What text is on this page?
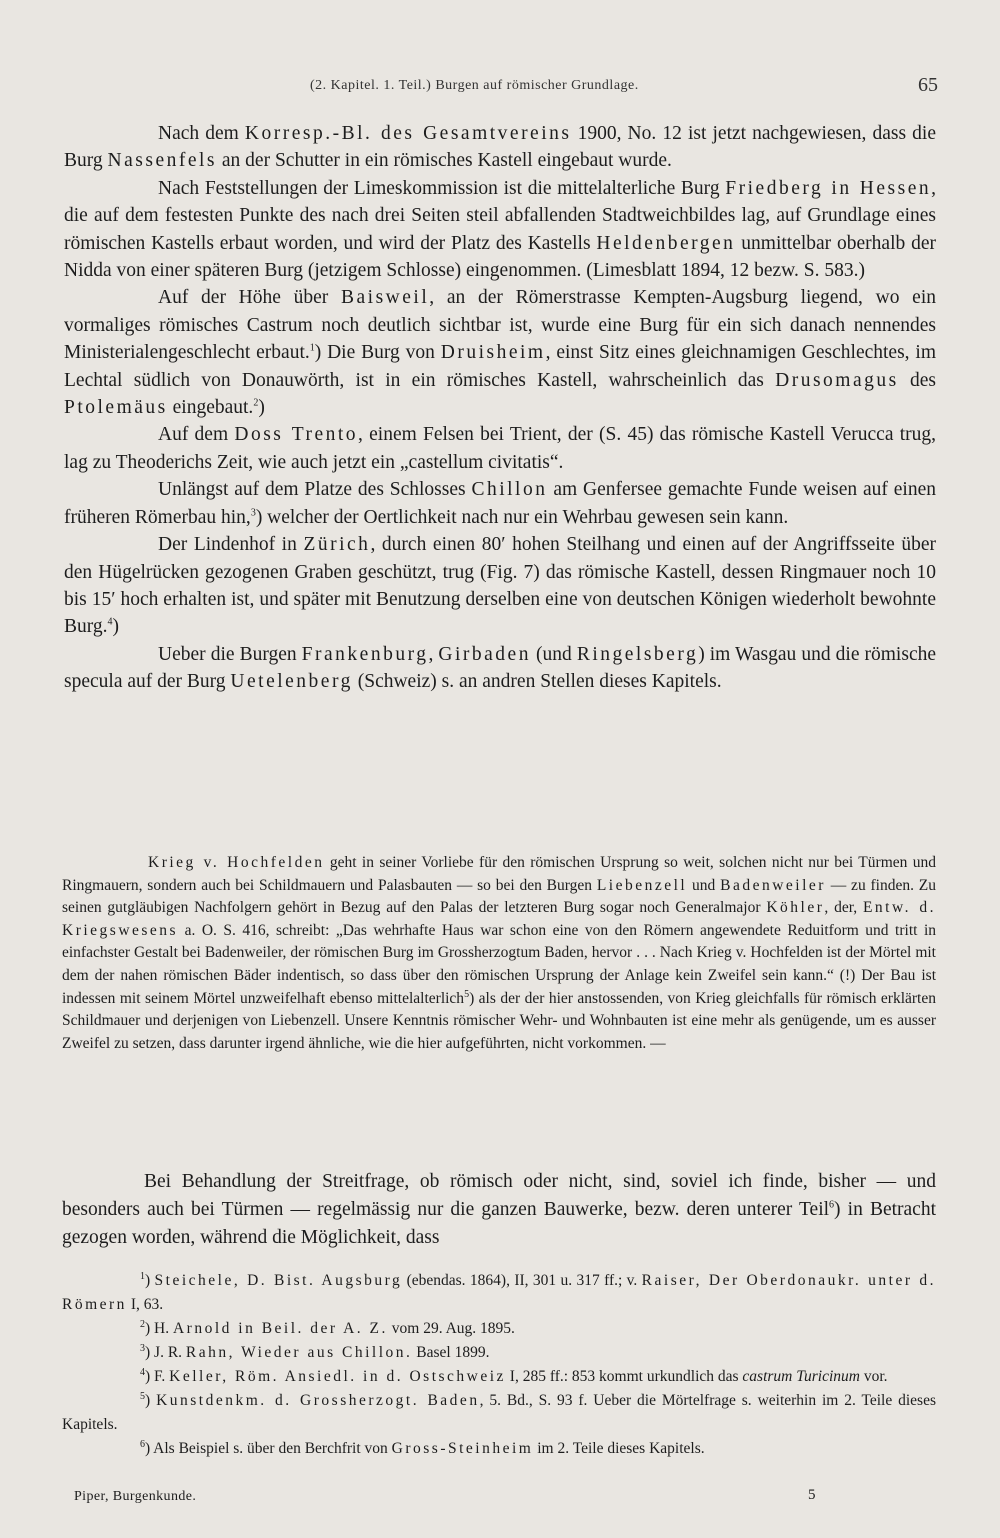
(2. Kapitel. 1. Teil.) Burgen auf römischer Grundlage.	65

Nach dem Korresp.-Bl. des Gesamtvereins 1900, No. 12 ist jetzt nachgewiesen, dass die Burg Nassenfels an der Schutter in ein römisches Kastell eingebaut wurde.

Nach Feststellungen der Limeskommission ist die mittelalterliche Burg Friedberg in Hessen, die auf dem festesten Punkte des nach drei Seiten steil abfallenden Stadtweichbildes lag, auf Grundlage eines römischen Kastells erbaut worden, und wird der Platz des Kastells Heldenbergen unmittelbar oberhalb der Nidda von einer späteren Burg (jetzigem Schlosse) eingenommen. (Limesblatt 1894, 12 bezw. S. 583.)

Auf der Höhe über Baisweil, an der Römerstrasse Kempten-Augsburg liegend, wo ein vormaliges römisches Castrum noch deutlich sichtbar ist, wurde eine Burg für ein sich danach nennendes Ministerialengeschlecht erbaut.$^1$) Die Burg von Druisheim, einst Sitz eines gleichnamigen Geschlechtes, im Lechtal südlich von Donauwörth, ist in ein römisches Kastell, wahrscheinlich das Drusomagus des Ptolemäus eingebaut.$^2$)

Auf dem Doss Trento, einem Felsen bei Trient, der (S. 45) das römische Kastell Verucca trug, lag zu Theoderichs Zeit, wie auch jetzt ein „castellum civitatis“.

Unlängst auf dem Platze des Schlosses Chillon am Genfersee gemachte Funde weisen auf einen früheren Römerbau hin,$^3$) welcher der Oertlichkeit nach nur ein Wehrbau gewesen sein kann.

Der Lindenhof in Zürich, durch einen 80′ hohen Steilhang und einen auf der Angriffsseite über den Hügelrücken gezogenen Graben geschützt, trug (Fig. 7) das römische Kastell, dessen Ringmauer noch 10 bis 15′ hoch erhalten ist, und später mit Benutzung derselben eine von deutschen Königen wiederholt bewohnte Burg.$^4$)

Ueber die Burgen Frankenburg, Girbaden (und Ringelsberg) im Wasgau und die römische specula auf der Burg Uetelenberg (Schweiz) s. an andren Stellen dieses Kapitels.

Krieg v. Hochfelden geht in seiner Vorliebe für den römischen Ursprung so weit, solchen nicht nur bei Türmen und Ringmauern, sondern auch bei Schildmauern und Palasbauten — so bei den Burgen Liebenzell und Badenweiler — zu finden. Zu seinen gutgläubigen Nachfolgern gehört in Bezug auf den Palas der letzteren Burg sogar noch Generalmajor Köhler, der, Entw. d. Kriegswesens a. O. S. 416, schreibt: „Das wehrhafte Haus war schon eine von den Römern angewendete Reduitform und tritt in einfachster Gestalt bei Badenweiler, der römischen Burg im Grossherzogtum Baden, hervor . . . Nach Krieg v. Hochfelden ist der Mörtel mit dem der nahen römischen Bäder indentisch, so dass über den römischen Ursprung der Anlage kein Zweifel sein kann.“ (!) Der Bau ist indessen mit seinem Mörtel unzweifelhaft ebenso mittelalterlich$^5$) als der der hier anstossenden, von Krieg gleichfalls für römisch erklärten Schildmauer und derjenigen von Liebenzell. Unsere Kenntnis römischer Wehr- und Wohnbauten ist eine mehr als genügende, um es ausser Zweifel zu setzen, dass darunter irgend ähnliche, wie die hier aufgeführten, nicht vorkommen. —

Bei Behandlung der Streitfrage, ob römisch oder nicht, sind, soviel ich finde, bisher — und besonders auch bei Türmen — regelmässig nur die ganzen Bauwerke, bezw. deren unterer Teil$^6$) in Betracht gezogen worden, während die Möglichkeit, dass

$^1$) Steichele, D. Bist. Augsburg (ebendas. 1864), II, 301 u. 317 ff.; v. Raiser, Der Oberdonaukr. unter d. Römern I, 63.

$^2$) H. Arnold in Beil. der A. Z. vom 29. Aug. 1895.

$^3$) J. R. Rahn, Wieder aus Chillon. Basel 1899.

$^4$) F. Keller, Röm. Ansiedl. in d. Ostschweiz I, 285 ff.: 853 kommt urkundlich das castrum Turicinum vor.

$^5$) Kunstdenkm. d. Grossherzogt. Baden, 5. Bd., S. 93 f. Ueber die Mörtelfrage s. weiterhin im 2. Teile dieses Kapitels.

$^6$) Als Beispiel s. über den Berchfrit von Gross-Steinheim im 2. Teile dieses Kapitels.

Piper, Burgenkunde.	5
